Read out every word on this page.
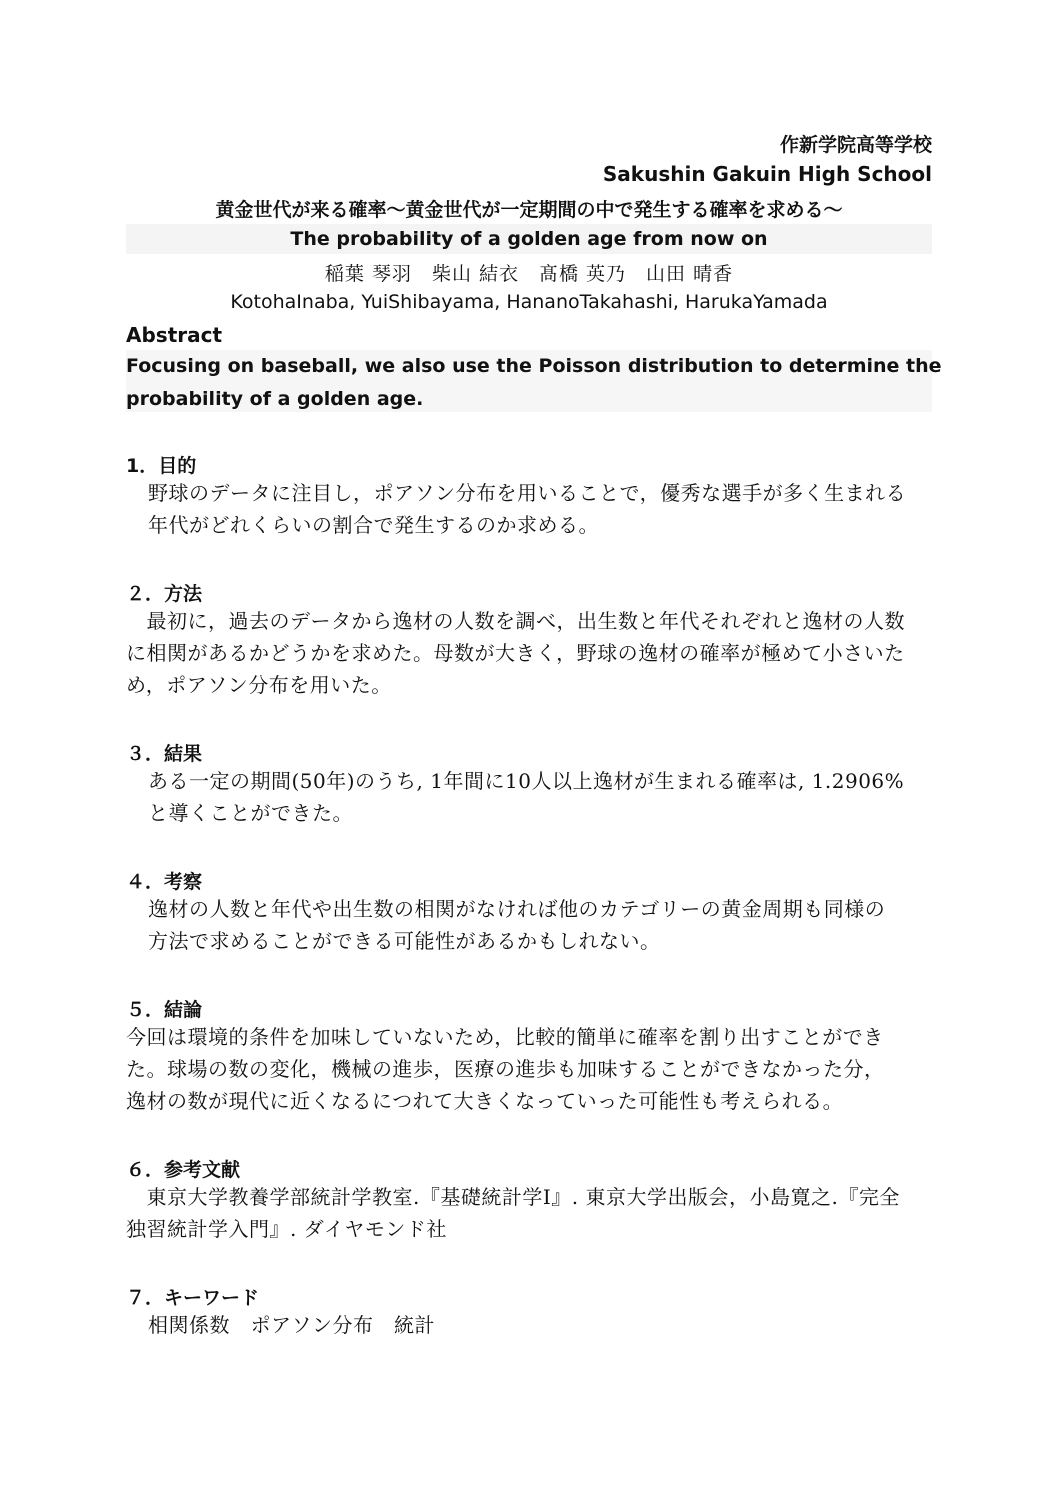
作新学院高等学校
Sakushin Gakuin High School
黄金世代が来る確率～黄金世代が一定期間の中で発生する確率を求める～
The probability of a golden age from now on
稲葉 琴羽　柴山 結衣　髙橋 英乃　山田 晴香
KotohaInaba, YuiShibayama, HananoTakahashi, HarukaYamada
Abstract
Focusing on baseball, we also use the Poisson distribution to determine the
probability of a golden age.
1．目的
野球のデータに注目し，ポアソン分布を用いることで，優秀な選手が多く生まれる
年代がどれくらいの割合で発生するのか求める。
２．方法
　最初に，過去のデータから逸材の人数を調べ，出生数と年代それぞれと逸材の人数
に相関があるかどうかを求めた。母数が大きく，野球の逸材の確率が極めて小さいた
め，ポアソン分布を用いた。
３．結果
ある一定の期間(50年)のうち, 1年間に10人以上逸材が生まれる確率は, 1.2906%
と導くことができた。
４．考察
逸材の人数と年代や出生数の相関がなければ他のカテゴリーの黄金周期も同様の
方法で求めることができる可能性があるかもしれない。
５．結論
今回は環境的条件を加味していないため，比較的簡単に確率を割り出すことができ
た。球場の数の変化，機械の進歩，医療の進歩も加味することができなかった分，
逸材の数が現代に近くなるにつれて大きくなっていった可能性も考えられる。
６．参考文献
　東京大学教養学部統計学教室.『基礎統計学Ⅰ』. 東京大学出版会，小島寛之.『完全
独習統計学入門』. ダイヤモンド社
７．キーワード
相関係数　ポアソン分布　統計
